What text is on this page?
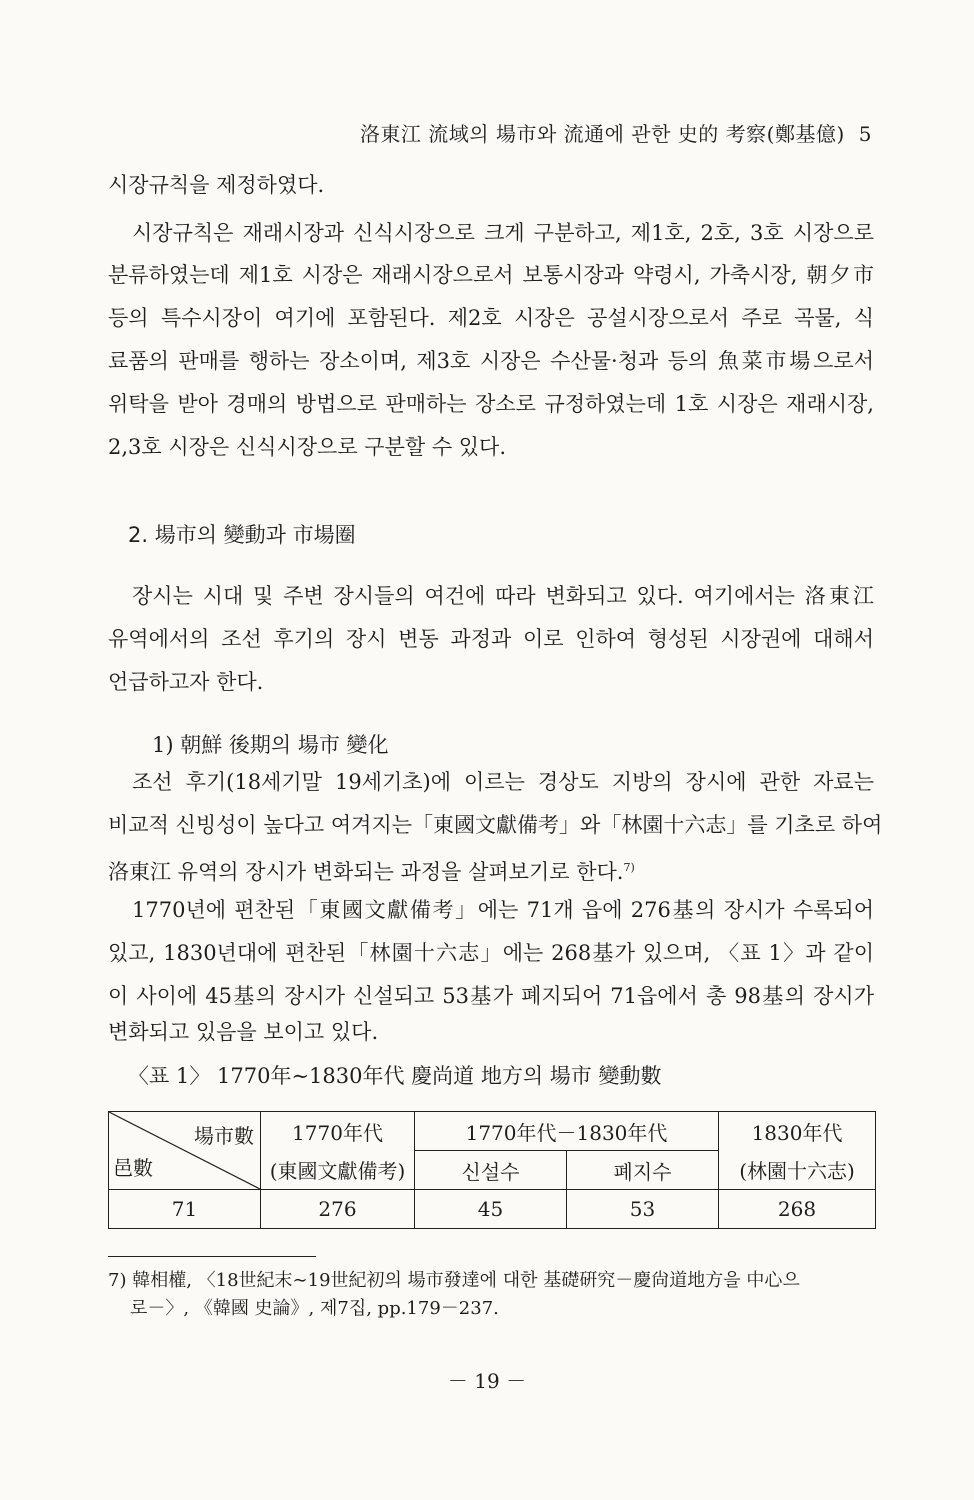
洛東江 流域의 場市와 流通에 관한 史的 考察(鄭基億) 5
시장규칙을 제정하였다.
시장규칙은 재래시장과 신식시장으로 크게 구분하고, 제1호, 2호, 3호 시장으로
분류하였는데 제1호 시장은 재래시장으로서 보통시장과 약령시, 가축시장, 朝夕市
등의 특수시장이 여기에 포함된다. 제2호 시장은 공설시장으로서 주로 곡물, 식
료품의 판매를 행하는 장소이며, 제3호 시장은 수산물·청과 등의 魚菜市場으로서
위탁을 받아 경매의 방법으로 판매하는 장소로 규정하였는데 1호 시장은 재래시장,
2,3호 시장은 신식시장으로 구분할 수 있다.
2. 場市의 變動과 市場圈
장시는 시대 및 주변 장시들의 여건에 따라 변화되고 있다. 여기에서는 洛東江
유역에서의 조선 후기의 장시 변동 과정과 이로 인하여 형성된 시장권에 대해서
언급하고자 한다.
1) 朝鮮 後期의 場市 變化
조선 후기(18세기말 19세기초)에 이르는 경상도 지방의 장시에 관한 자료는
비교적 신빙성이 높다고 여겨지는「東國文獻備考」와「林園十六志」를 기초로 하여
洛東江 유역의 장시가 변화되는 과정을 살펴보기로 한다.$^{7)}$
1770년에 편찬된「東國文獻備考」에는 71개 읍에 276基의 장시가 수록되어
있고, 1830년대에 편찬된「林園十六志」에는 268基가 있으며, 〈표 1〉과 같이
이 사이에 45基의 장시가 신설되고 53基가 폐지되어 71읍에서 총 98基의 장시가
변화되고 있음을 보이고 있다.
〈표 1〉 1770年∼1830年代 慶尚道 地方의 場市 變動數
場市數
邑數	1770年代	1770年代－1830年代		1830年代
	(東國文獻備考)	신설수	폐지수	(林園十六志)
71	276	45	53	268
7) 韓相權, 〈18世紀末∼19世紀初의 場市發達에 대한 基礎硏究－慶尙道地方을 中心으
로－〉, 《韓國 史論》, 제7집, pp.179－237.
－ 19 －
